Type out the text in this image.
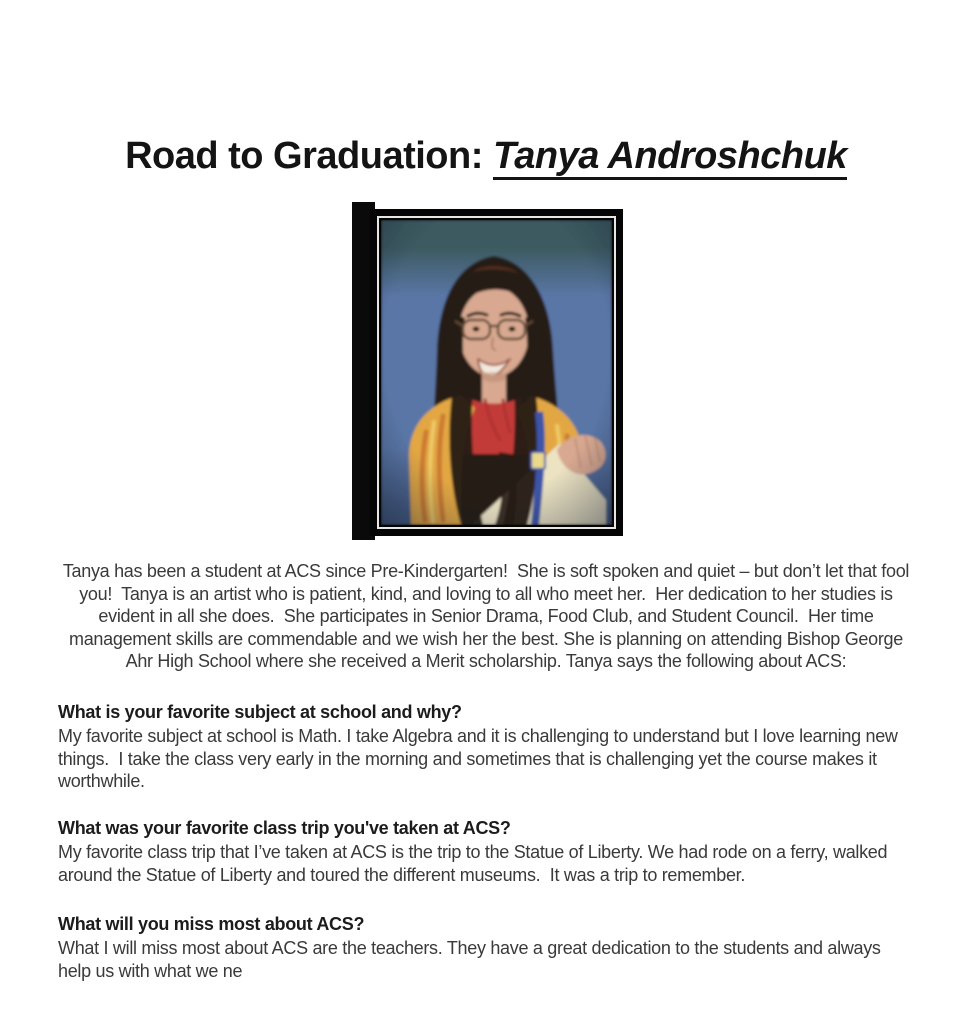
Road to Graduation: Tanya Androshchuk

Tanya has been a student at ACS since Pre-Kindergarten!  She is soft spoken and quiet – but don’t let that fool you!  Tanya is an artist who is patient, kind, and loving to all who meet her.  Her dedication to her studies is evident in all she does.  She participates in Senior Drama, Food Club, and Student Council.  Her time management skills are commendable and we wish her the best. She is planning on attending Bishop George Ahr High School where she received a Merit scholarship. Tanya says the following about ACS:

What is your favorite subject at school and why?

My favorite subject at school is Math. I take Algebra and it is challenging to understand but I love learning new things.  I take the class very early in the morning and sometimes that is challenging yet the course makes it worthwhile.

What was your favorite class trip you've taken at ACS?

My favorite class trip that I’ve taken at ACS is the trip to the Statue of Liberty. We had rode on a ferry, walked around the Statue of Liberty and toured the different museums.  It was a trip to remember.

What will you miss most about ACS?

What I will miss most about ACS are the teachers. They have a great dedication to the students and always help us with what we ne
